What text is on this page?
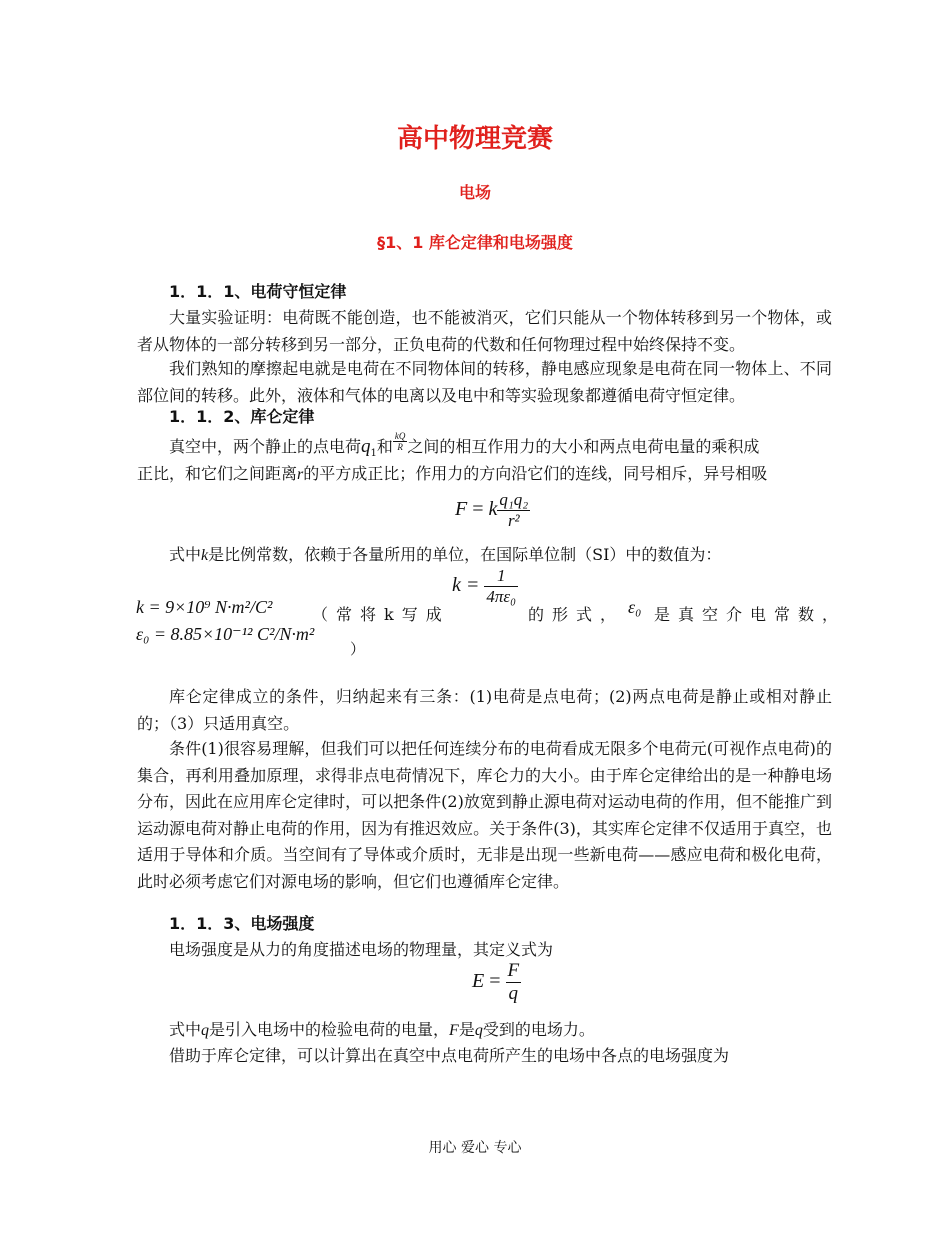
高中物理竞赛
电场
§1、1 库仑定律和电场强度
1．1．1、电荷守恒定律

大量实验证明：电荷既不能创造，也不能被消灭，它们只能从一个物体转移到另一个物体，或者从物体的一部分转移到另一部分，正负电荷的代数和任何物理过程中始终保持不变。

我们熟知的摩擦起电就是电荷在不同物体间的转移，静电感应现象是电荷在同一物体上、不同部位间的转移。此外，液体和气体的电离以及电中和等实验现象都遵循电荷守恒定律。

1．1．2、库仑定律
真空中，两个静止的点电荷$q_1$和 $\frac{kQ}{R}$ 之间的相互作用力的大小和两点电荷电量的乘积成
正比，和它们之间距离r的平方成正比；作用力的方向沿它们的连线，同号相斥，异号相吸
F = k $\frac{\text{q₁q₂}}{\text{r²}}$
式中k是比例常数，依赖于各量所用的单位，在国际单位制（SI）中的数值为：
$k = \frac{1}{\text{4πε₀}}$
k = 9×10⁹ N·m²/C² （常将k写成	的形式， ε₀ 是真空介电常数，
ε₀ = 8.85×10⁻¹² C²/N·m²
）

库仑定律成立的条件，归纳起来有三条：(1)电荷是点电荷；(2)两点电荷是静止或相对静止的；（3）只适用真空。

条件(1)很容易理解，但我们可以把任何连续分布的电荷看成无限多个电荷元(可视作点电荷)的集合，再利用叠加原理，求得非点电荷情况下，库仑力的大小。由于库仑定律给出的是一种静电场分布，因此在应用库仑定律时，可以把条件(2)放宽到静止源电荷对运动电荷的作用，但不能推广到运动源电荷对静止电荷的作用，因为有推迟效应。关于条件(3)，其实库仑定律不仅适用于真空，也适用于导体和介质。当空间有了导体或介质时，无非是出现一些新电荷——感应电荷和极化电荷，此时必须考虑它们对源电场的影响，但它们也遵循库仑定律。

1．1．3、电场强度
电场强度是从力的角度描述电场的物理量，其定义式为
$E = \frac{F}{q}$
式中q是引入电场中的检验电荷的电量，F是q受到的电场力。
借助于库仑定律，可以计算出在真空中点电荷所产生的电场中各点的电场强度为
用心 爱心 专心
